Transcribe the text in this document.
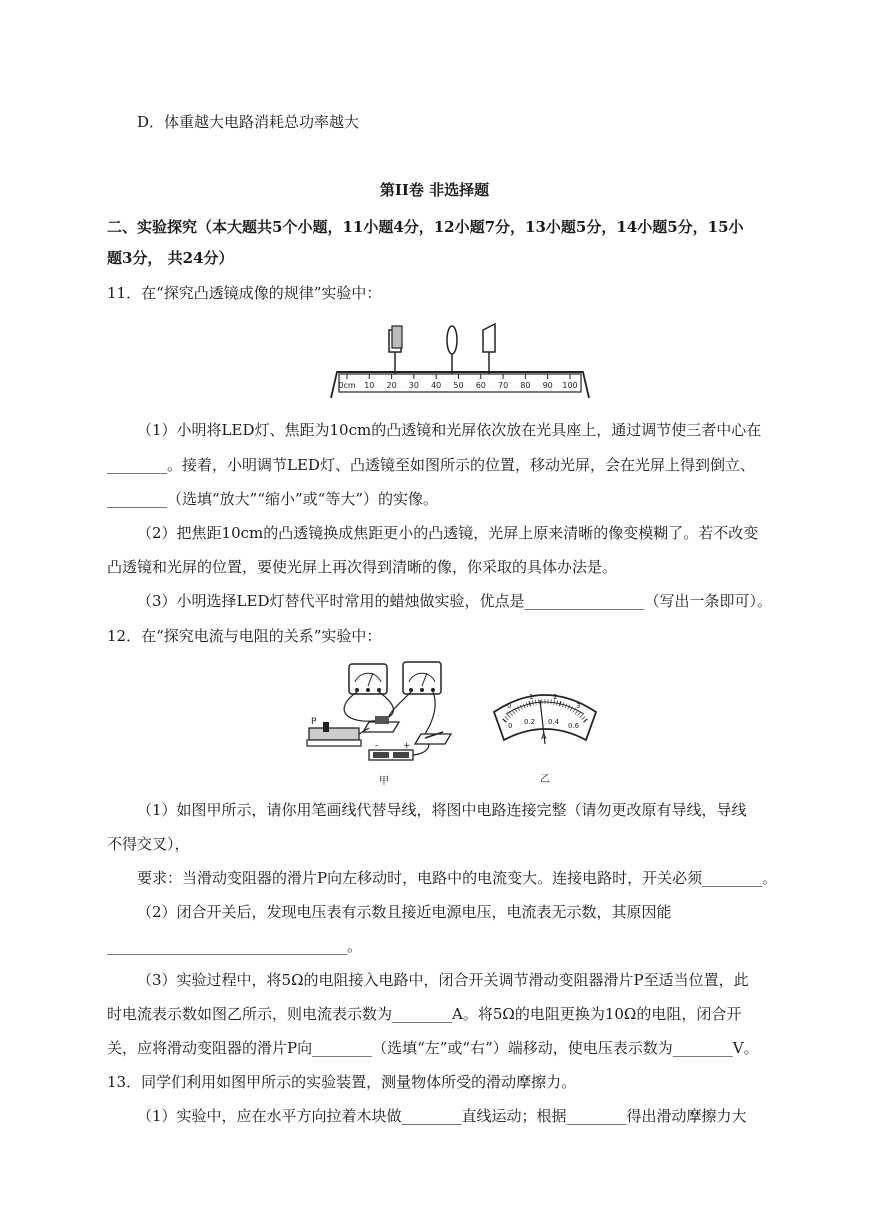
D．体重越大电路消耗总功率越大
第II卷 非选择题
二、实验探究（本大题共5个小题，11小题4分，12小题7分，13小题5分，14小题5分，15小
题3分， 共24分）
11．在“探究凸透镜成像的规律”实验中：
0cm 10 20 30 40 50 60 70 80 90 100
（1）小明将LED灯、焦距为10cm的凸透镜和光屏依次放在光具座上，通过调节使三者中心在
________。接着，小明调节LED灯、凸透镜至如图所示的位置，移动光屏，会在光屏上得到倒立、
________（选填“放大”“缩小”或“等大”）的实像。
（2）把焦距10cm的凸透镜换成焦距更小的凸透镜，光屏上原来清晰的像变模糊了。若不改变
凸透镜和光屏的位置，要使光屏上再次得到清晰的像，你采取的具体办法是。
（3）小明选择LED灯替代平时常用的蜡烛做实验，优点是________________（写出一条即可）。
12．在“探究电流与电阻的关系”实验中：
P
-	+
甲
0
1	2
3
0 0.2 0.4 0.6
A
乙
（1）如图甲所示，请你用笔画线代替导线，将图中电路连接完整（请勿更改原有导线，导线
不得交叉），
要求：当滑动变阻器的滑片P向左移动时，电路中的电流变大。连接电路时，开关必须________。
（2）闭合开关后，发现电压表有示数且接近电源电压，电流表无示数，其原因能
________________________________。
（3）实验过程中，将5Ω的电阻接入电路中，闭合开关调节滑动变阻器滑片P至适当位置，此
时电流表示数如图乙所示，则电流表示数为________A。将5Ω的电阻更换为10Ω的电阻，闭合开
关，应将滑动变阻器的滑片P向________（选填“左”或“右”）端移动，使电压表示数为________V。
13．同学们利用如图甲所示的实验装置，测量物体所受的滑动摩擦力。
（1）实验中，应在水平方向拉着木块做________直线运动；根据________得出滑动摩擦力大
